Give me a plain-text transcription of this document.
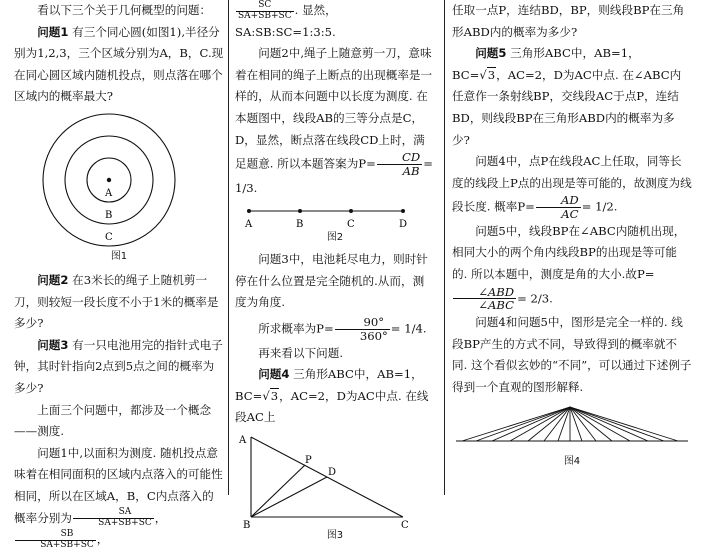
看以下三个关于几何概型的问题：

问题1 有三个同心圆(如图1),半径分别为1,2,3，三个区域分别为A，B，C.现在同心圆区域内随机投点，则点落在哪个区域内的概率最大?

A
B
C
图1

问题2 在3米长的绳子上随机剪一刀，则较短一段长度不小于1米的概率是多少?

问题3 有一只电池用完的指针式电子钟，其时针指向2点到5点之间的概率为多少?

上面三个问题中，都涉及一个概念——测度.

问题1中,以面积为测度. 随机投点意味着在相同面积的区域内点落入的可能性相同，所以在区域A，B，C内点落入的概率分别为 $\frac{SA}{SA+SB+SC}$ ，
$\frac{SB}{SA+SB+SC}$ ，

$\frac{SC}{SA+SB+SC}$ . 显然，SA:SB:SC=1:3:5.

问题2中,绳子上随意剪一刀，意味着在相同的绳子上断点的出现概率是一样的，从而本问题中以长度为测度. 在本题图中，线段AB的三等分点是C，D，显然，断点落在线段CD上时，满足题意. 所以本题答案为$P= \frac{CD}{AB} = 1/3$.

A	B	C	D
图2

问题3中，电池耗尽电力，则时针停在什么位置是完全随机的.从而，测度为角度.

所求概率为$P= \frac{90^\circ}{360^\circ} = 1/4$.

再来看以下问题.

问题4 三角形ABC中，AB=1，BC=√3，AC=2，D为AC中点. 在线段AC上

A
B	C
P
D
图3

任取一点P，连结BD，BP，则线段BP在三角形ABD内的概率为多少?

问题5 三角形ABC中，AB=1，BC=√3，AC=2，D为AC中点. 在∠ABC内任意作一条射线BP，交线段AC于点P，连结BD，则线段BP在三角形ABD内的概率为多少?

问题4中，点P在线段AC上任取，同等长度的线段上P点的出现是等可能的，故测度为线段长度. 概率$P= \frac{AD}{AC} = 1/2$.

问题5中，线段BP在∠ABC内随机出现，相同大小的两个角内线段BP的出现是等可能的. 所以本题中，测度是角的大小.故P=
$\frac{\text{∠ABD}}{\text{∠ABC}} = 2/3$.

问题4和问题5中，图形是完全一样的. 线段BP产生的方式不同，导致得到的概率就不同. 这个看似玄妙的“不同”，可以通过下述例子得到一个直观的图形解释.

图4
